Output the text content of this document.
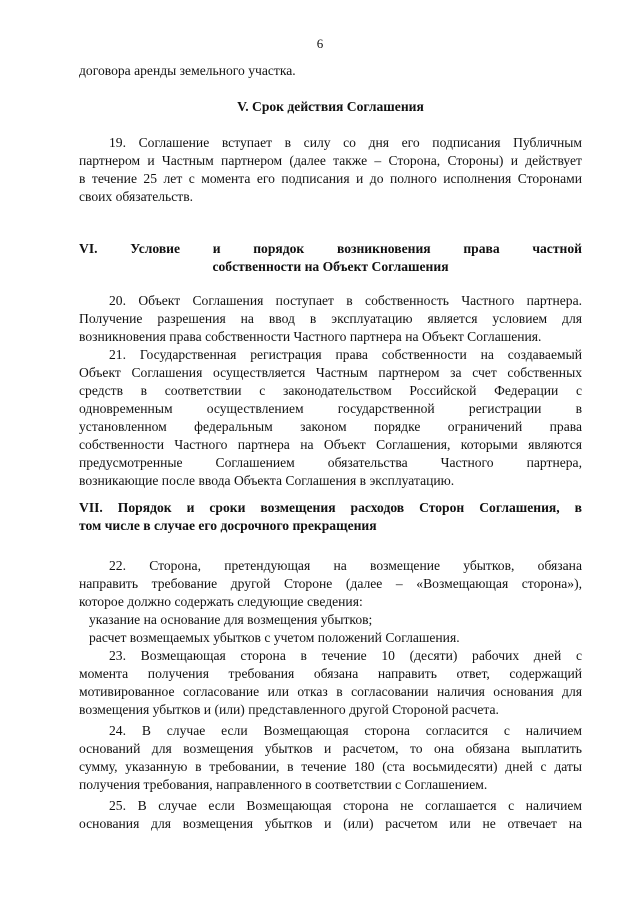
6
договора аренды земельного участка.
V. Срок действия Соглашения
19. Соглашение вступает в силу со дня его подписания Публичным
партнером и Частным партнером (далее также – Сторона, Стороны) и действует
в течение 25 лет с момента его подписания и до полного исполнения Сторонами
своих обязательств.
VI. Условие и порядок возникновения права частной
собственности на Объект Соглашения
20. Объект Соглашения поступает в собственность Частного партнера.
Получение разрешения на ввод в эксплуатацию является условием для
возникновения права собственности Частного партнера на Объект Соглашения.
21. Государственная регистрация права собственности на создаваемый
Объект Соглашения осуществляется Частным партнером за счет собственных
средств в соответствии с законодательством Российской Федерации с
одновременным осуществлением государственной регистрации в
установленном федеральным законом порядке ограничений права
собственности Частного партнера на Объект Соглашения, которыми являются
предусмотренные Соглашением обязательства Частного партнера,
возникающие после ввода Объекта Соглашения в эксплуатацию.
VII. Порядок и сроки возмещения расходов Сторон Соглашения, в
том числе в случае его досрочного прекращения
22. Сторона, претендующая на возмещение убытков, обязана
направить требование другой Стороне (далее – «Возмещающая сторона»),
которое должно содержать следующие сведения:
указание на основание для возмещения убытков;
расчет возмещаемых убытков с учетом положений Соглашения.
23. Возмещающая сторона в течение 10 (десяти) рабочих дней с
момента получения требования обязана направить ответ, содержащий
мотивированное согласование или отказ в согласовании наличия основания для
возмещения убытков и (или) представленного другой Стороной расчета.
24. В случае если Возмещающая сторона согласится с наличием
оснований для возмещения убытков и расчетом, то она обязана выплатить
сумму, указанную в требовании, в течение 180 (ста восьмидесяти) дней с даты
получения требования, направленного в соответствии с Соглашением.
25. В случае если Возмещающая сторона не соглашается с наличием
основания для возмещения убытков и (или) расчетом или не отвечает на
